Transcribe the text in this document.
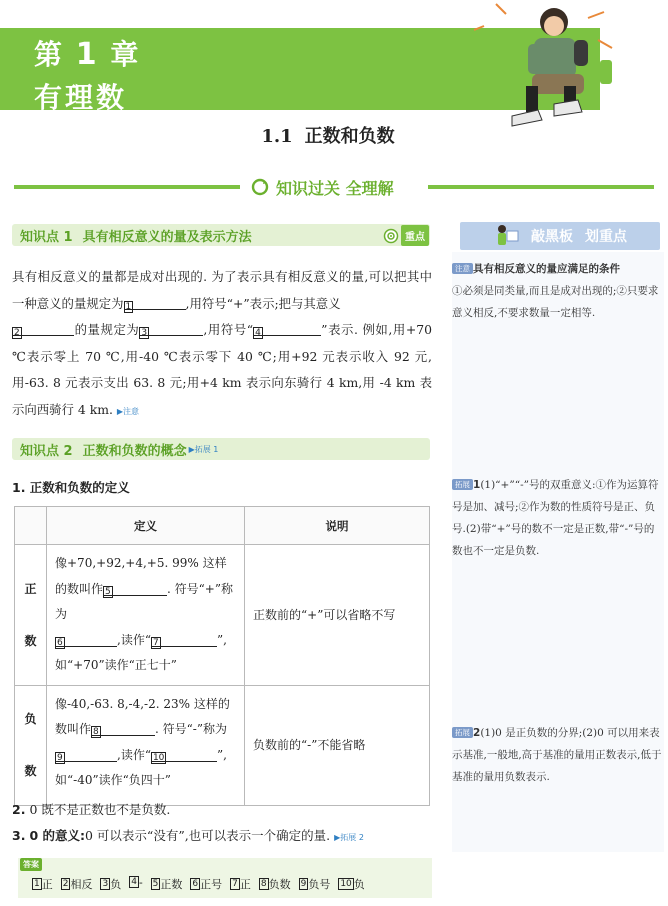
第 1 章
有理数
1.1 正数和负数
知识过关 全理解
知识点 1 具有相反意义的量及表示方法	重点
具有相反意义的量都是成对出现的. 为了表示具有相反意义的量,可以把其中一种意义的量规定为 1	,用符号“+”表示;把与其意义
2	的量规定为 3	,用符号“ 4	”表示. 例如,用+70 ℃表示零上 70 ℃,用-40 ℃表示零下 40 ℃;用+92 元表示收入 92 元,用-63. 8 元表示支出 63. 8 元;用+4 km 表示向东骑行 4 km,用 -4 km 表示向西骑行 4 km. ▶注意
知识点 2 正数和负数的概念 ▶拓展 1
1. 正数和负数的定义
	定义	说明
正

数	像+70,+92,+4,+5. 99% 这样的数叫作 5 . 符号“+”称为
6 ,读作“ 7 ”,如“+70”读作“正七十”	正数前的“+”可以省略不写
负

数	像-40,-63. 8,-4,-2. 23% 这样的数叫作 8 . 符号“-”称为
9 ,读作“ 10 ”,如“-40”读作“负四十”	负数前的“-”不能省略
2. 0 既不是正数也不是负数.
3. 0 的意义:0 可以表示“没有”,也可以表示一个确定的量. ▶拓展 2
答案
1 正 2 相反 3 负 4 - 5 正数 6 正号 7 正 8 负数 9 负号 10 负
敲黑板 划重点
注意 具有相反意义的量应满足的条件
①必须是同类量,而且是成对出现的;②只要求意义相反,不要求数量一定相等.
拓展 1(1)“+”“-”号的双重意义:①作为运算符号是加、减号;②作为数的性质符号是正、负号.(2)带“+”号的数不一定是正数,带“-”号的数也不一定是负数.
拓展 2(1)0 是正负数的分界;(2)0 可以用来表示基准,一般地,高于基准的量用正数表示,低于基准的量用负数表示.
